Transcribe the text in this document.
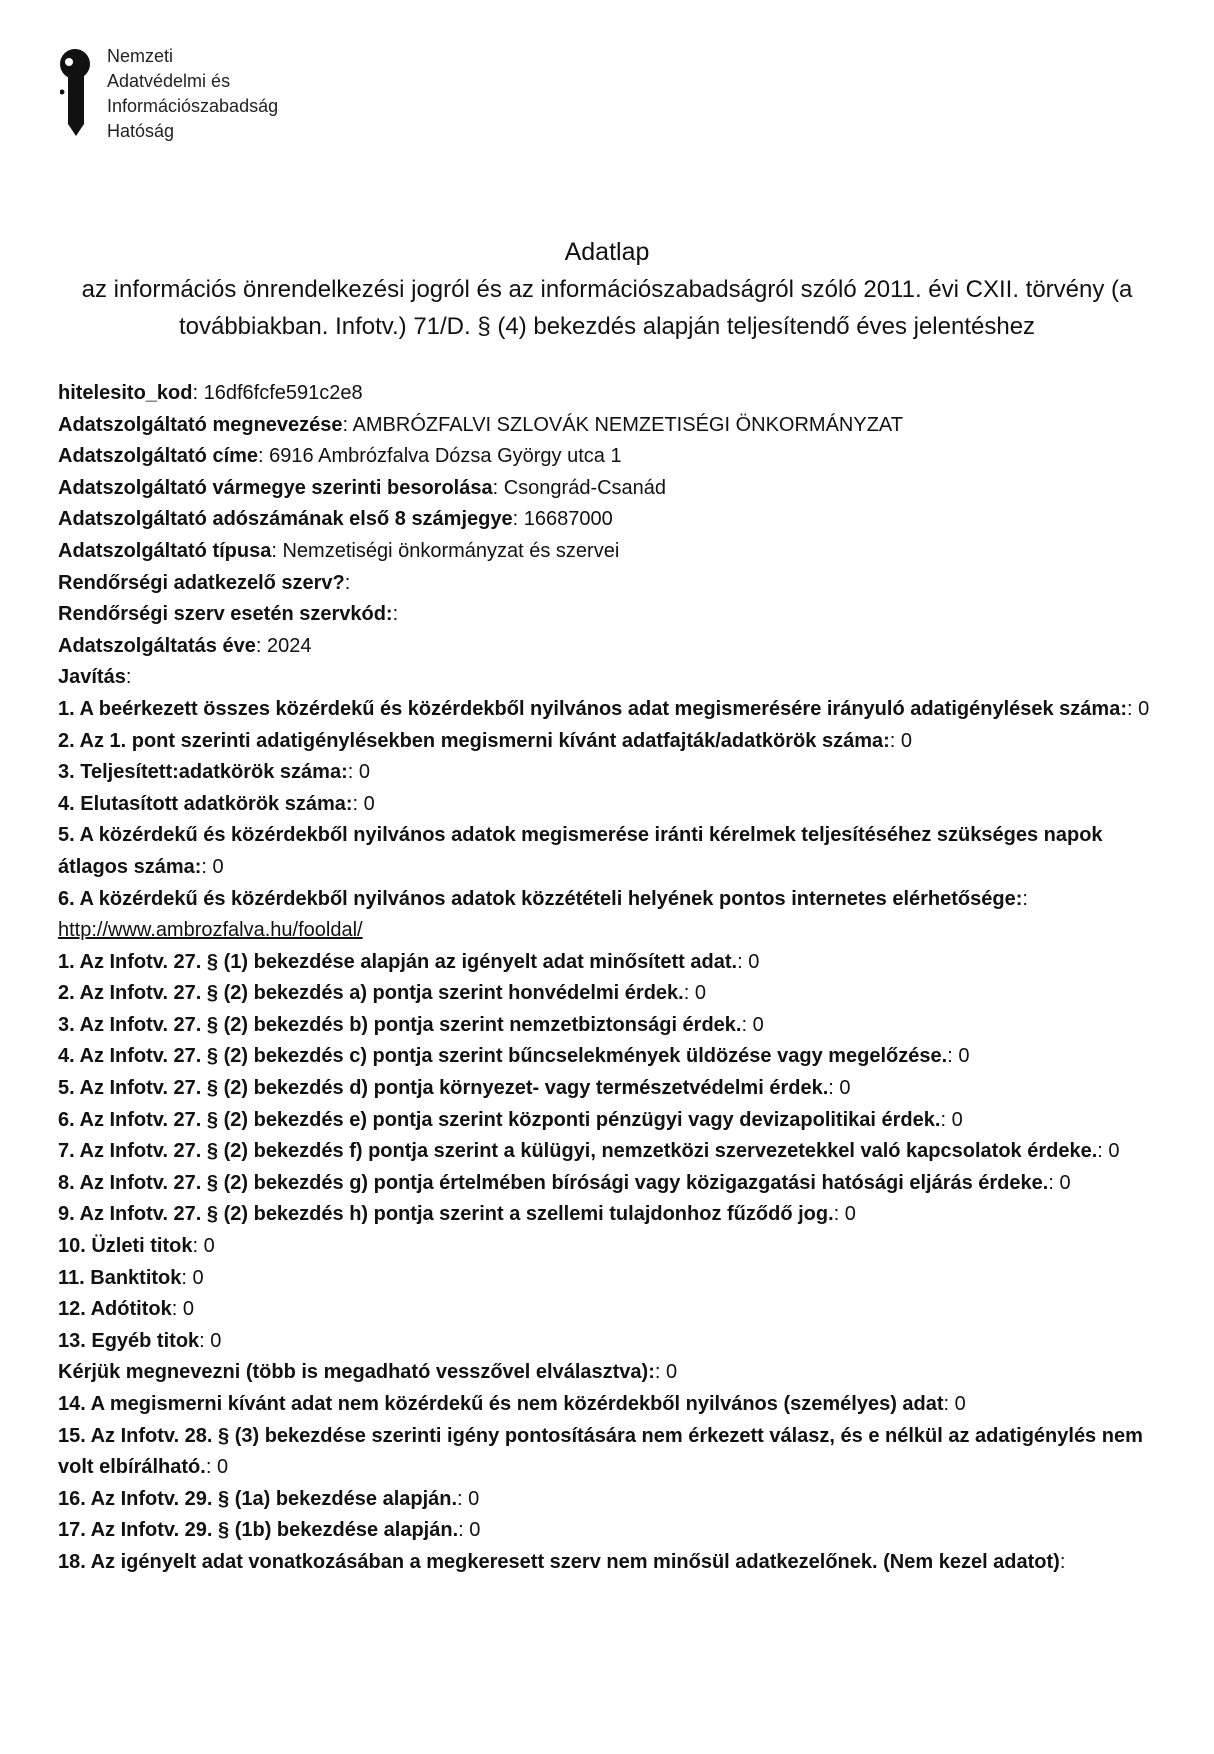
Nemzeti
Adatvédelmi és
Információszabadság
Hatóság
Adatlap
az információs önrendelkezési jogról és az információszabadságról szóló 2011. évi CXII. törvény (a
továbbiakban. Infotv.) 71/D. § (4) bekezdés alapján teljesítendő éves jelentéshez
hitelesito_kod: 16df6fcfe591c2e8
Adatszolgáltató megnevezése: AMBRÓZFALVI SZLOVÁK NEMZETISÉGI ÖNKORMÁNYZAT
Adatszolgáltató címe: 6916 Ambrózfalva Dózsa György utca 1
Adatszolgáltató vármegye szerinti besorolása: Csongrád-Csanád
Adatszolgáltató adószámának első 8 számjegye: 16687000
Adatszolgáltató típusa: Nemzetiségi önkormányzat és szervei
Rendőrségi adatkezelő szerv?:
Rendőrségi szerv esetén szervkód::
Adatszolgáltatás éve: 2024
Javítás:
1. A beérkezett összes közérdekű és közérdekből nyilvános adat megismerésére irányuló adatigénylések száma:: 0
2. Az 1. pont szerinti adatigénylésekben megismerni kívánt adatfajták/adatkörök száma:: 0
3. Teljesített:adatkörök száma:: 0
4. Elutasított adatkörök száma:: 0
5. A közérdekű és közérdekből nyilvános adatok megismerése iránti kérelmek teljesítéséhez szükséges napok átlagos száma:: 0
6. A közérdekű és közérdekből nyilvános adatok közzétételi helyének pontos internetes elérhetősége:: http://www.ambrozfalva.hu/fooldal/
1. Az Infotv. 27. § (1) bekezdése alapján az igényelt adat minősített adat.: 0
2. Az Infotv. 27. § (2) bekezdés a) pontja szerint honvédelmi érdek.: 0
3. Az Infotv. 27. § (2) bekezdés b) pontja szerint nemzetbiztonsági érdek.: 0
4. Az Infotv. 27. § (2) bekezdés c) pontja szerint bűncselekmények üldözése vagy megelőzése.: 0
5. Az Infotv. 27. § (2) bekezdés d) pontja környezet- vagy természetvédelmi érdek.: 0
6. Az Infotv. 27. § (2) bekezdés e) pontja szerint központi pénzügyi vagy devizapolitikai érdek.: 0
7. Az Infotv. 27. § (2) bekezdés f) pontja szerint a külügyi, nemzetközi szervezetekkel való kapcsolatok érdeke.: 0
8. Az Infotv. 27. § (2) bekezdés g) pontja értelmében bírósági vagy közigazgatási hatósági eljárás érdeke.: 0
9. Az Infotv. 27. § (2) bekezdés h) pontja szerint a szellemi tulajdonhoz fűződő jog.: 0
10. Üzleti titok: 0
11. Banktitok: 0
12. Adótitok: 0
13. Egyéb titok: 0
Kérjük megnevezni (több is megadható vesszővel elválasztva):: 0
14. A megismerni kívánt adat nem közérdekű és nem közérdekből nyilvános (személyes) adat: 0
15. Az Infotv. 28. § (3) bekezdése szerinti igény pontosítására nem érkezett válasz, és e nélkül az adatigénylés nem volt elbírálható.: 0
16. Az Infotv. 29. § (1a) bekezdése alapján.: 0
17. Az Infotv. 29. § (1b) bekezdése alapján.: 0
18. Az igényelt adat vonatkozásában a megkeresett szerv nem minősül adatkezelőnek. (Nem kezel adatot):
